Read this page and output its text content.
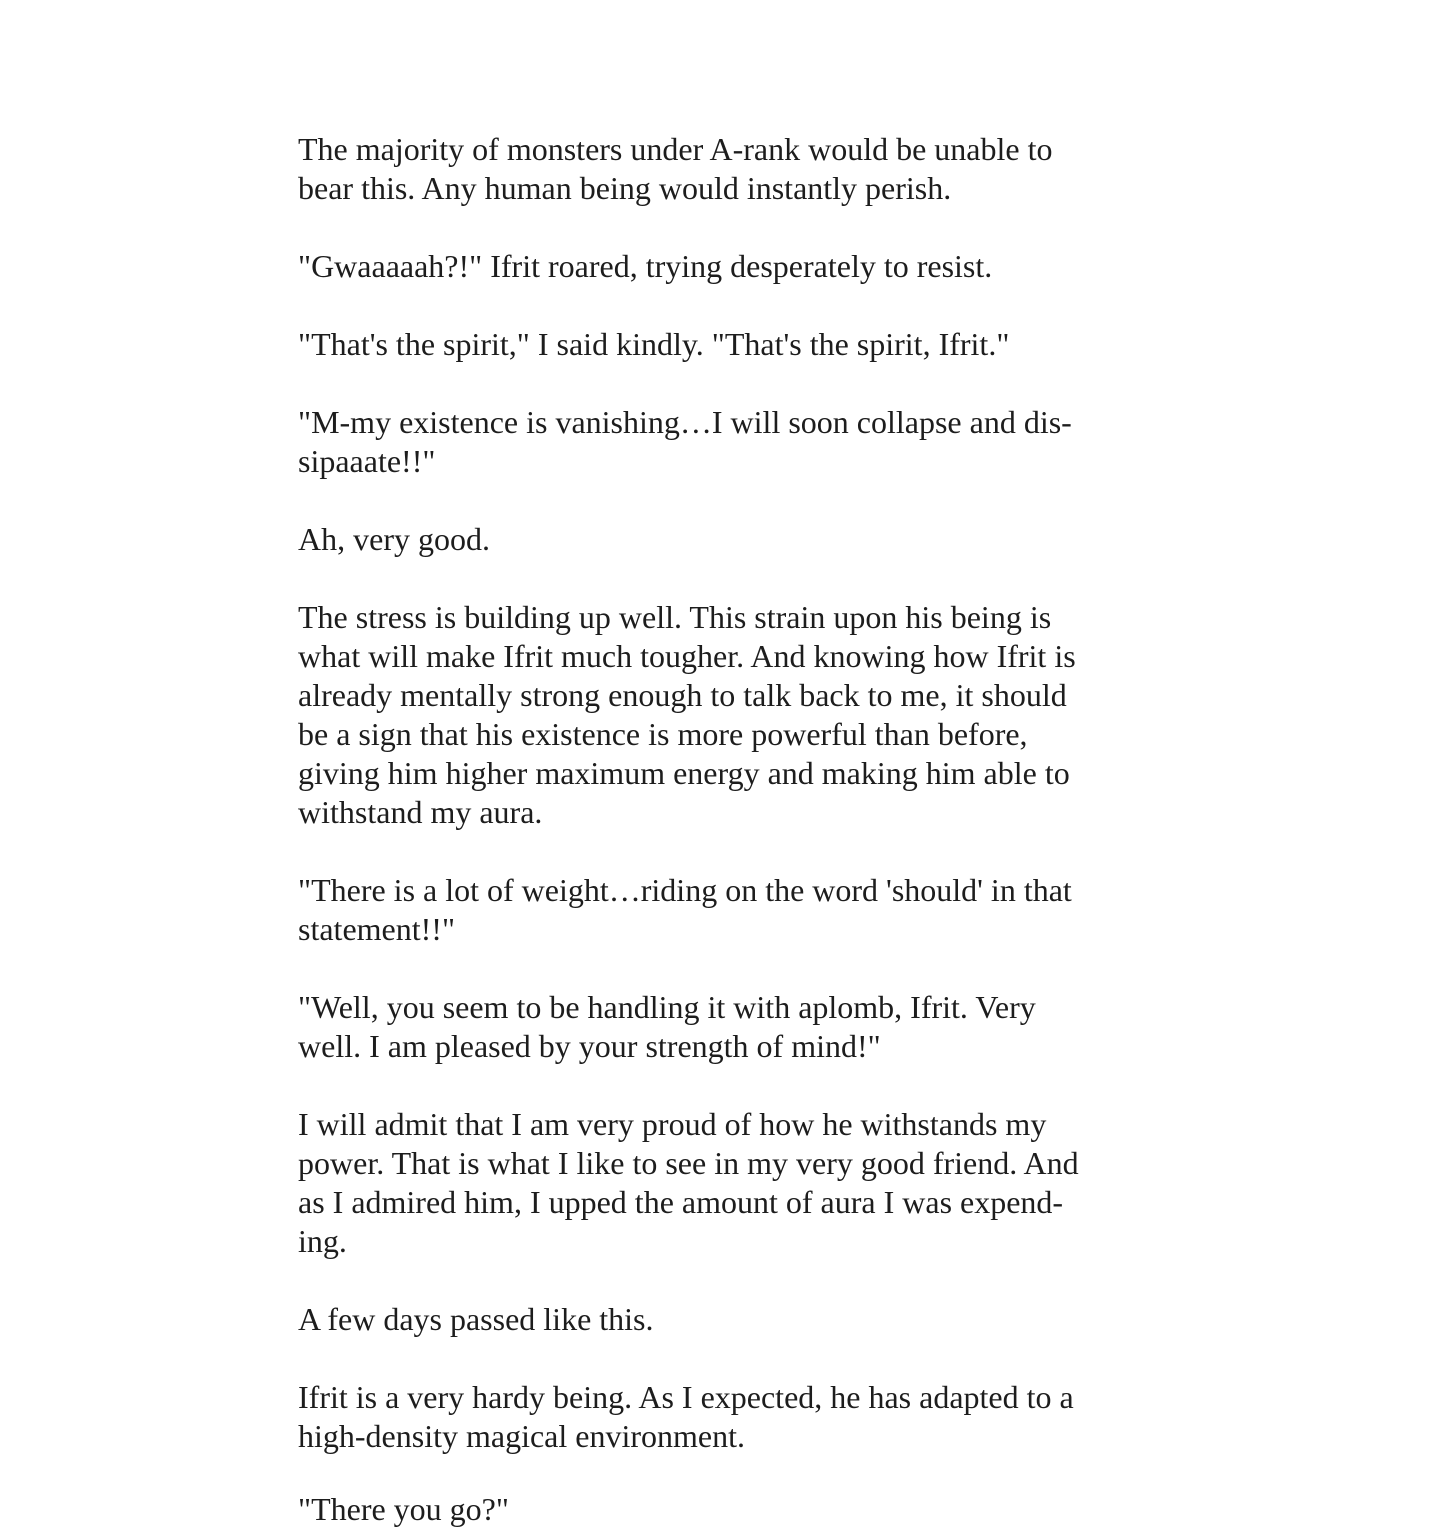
The majority of monsters under A-rank would be unable to
bear this. Any human being would instantly perish.

"Gwaaaaah?!" Ifrit roared, trying desperately to resist.

"That's the spirit," I said kindly. "That's the spirit, Ifrit."

"M-my existence is vanishing…I will soon collapse and dis-
sipaaate!!"

Ah, very good.

The stress is building up well. This strain upon his being is
what will make Ifrit much tougher. And knowing how Ifrit is
already mentally strong enough to talk back to me, it should
be a sign that his existence is more powerful than before,
giving him higher maximum energy and making him able to
withstand my aura.

"There is a lot of weight…riding on the word 'should' in that
statement!!"

"Well, you seem to be handling it with aplomb, Ifrit. Very
well. I am pleased by your strength of mind!"

I will admit that I am very proud of how he withstands my
power. That is what I like to see in my very good friend. And
as I admired him, I upped the amount of aura I was expend-
ing.

A few days passed like this.

Ifrit is a very hardy being. As I expected, he has adapted to a
high-density magical environment.

"There you go?"
